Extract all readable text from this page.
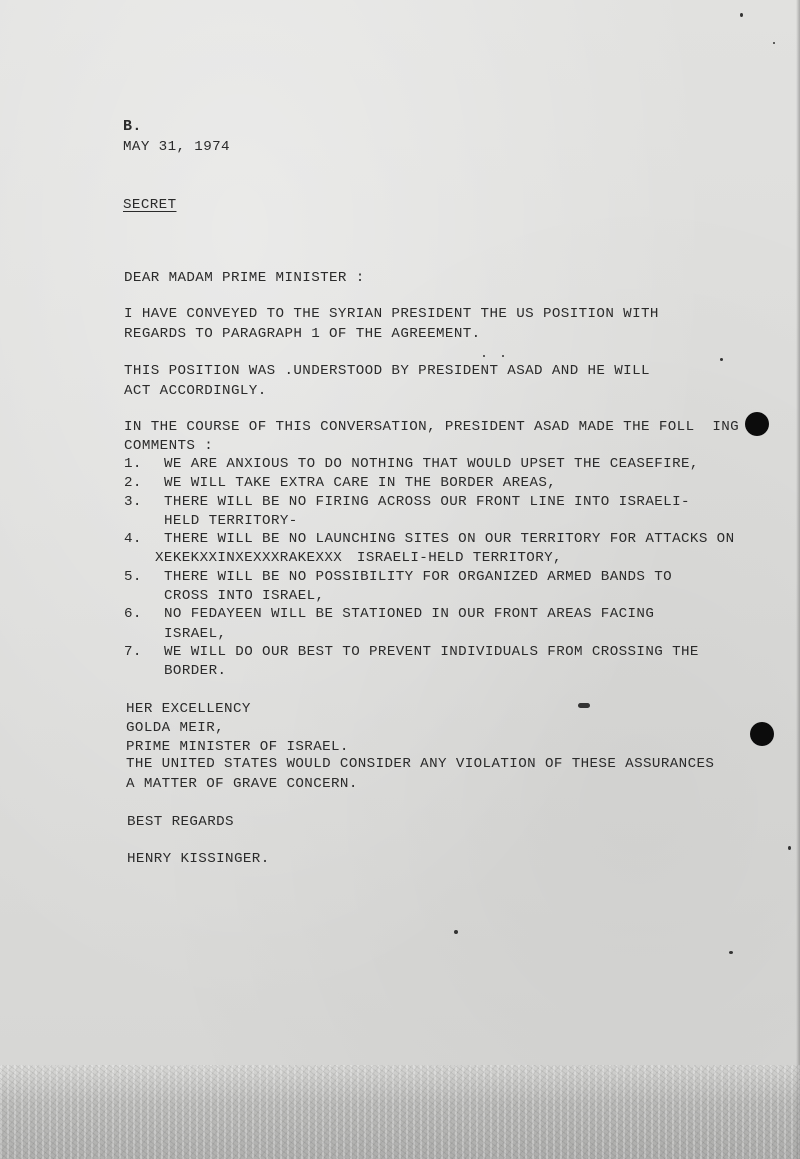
B.

MAY 31, 1974

SECRET

DEAR MADAM PRIME MINISTER :

I HAVE CONVEYED TO THE SYRIAN PRESIDENT THE US POSITION WITH

REGARDS TO PARAGRAPH 1 OF THE AGREEMENT.

THIS POSITION WAS .UNDERSTOOD BY PRESIDENT ASAD AND HE WILL

ACT ACCORDINGLY.

IN THE COURSE OF THIS CONVERSATION, PRESIDENT ASAD MADE THE FOLL  ING

COMMENTS :

1. WE ARE ANXIOUS TO DO NOTHING THAT WOULD UPSET THE CEASEFIRE,

2. WE WILL TAKE EXTRA CARE IN THE BORDER AREAS,

3. THERE WILL BE NO FIRING ACROSS OUR FRONT LINE INTO ISRAELI-

HELD TERRITORY-

4. THERE WILL BE NO LAUNCHING SITES ON OUR TERRITORY FOR ATTACKS ON

XEKEKXXINXEXXXRAKEXXX ISRAELI-HELD TERRITORY,

5. THERE WILL BE NO POSSIBILITY FOR ORGANIZED ARMED BANDS TO

CROSS INTO ISRAEL,

6. NO FEDAYEEN WILL BE STATIONED IN OUR FRONT AREAS FACING

ISRAEL,

7. WE WILL DO OUR BEST TO PREVENT INDIVIDUALS FROM CROSSING THE

BORDER.

HER EXCELLENCY

GOLDA MEIR,

PRIME MINISTER OF ISRAEL.

THE UNITED STATES WOULD CONSIDER ANY VIOLATION OF THESE ASSURANCES

A MATTER OF GRAVE CONCERN.

BEST REGARDS

HENRY KISSINGER.
